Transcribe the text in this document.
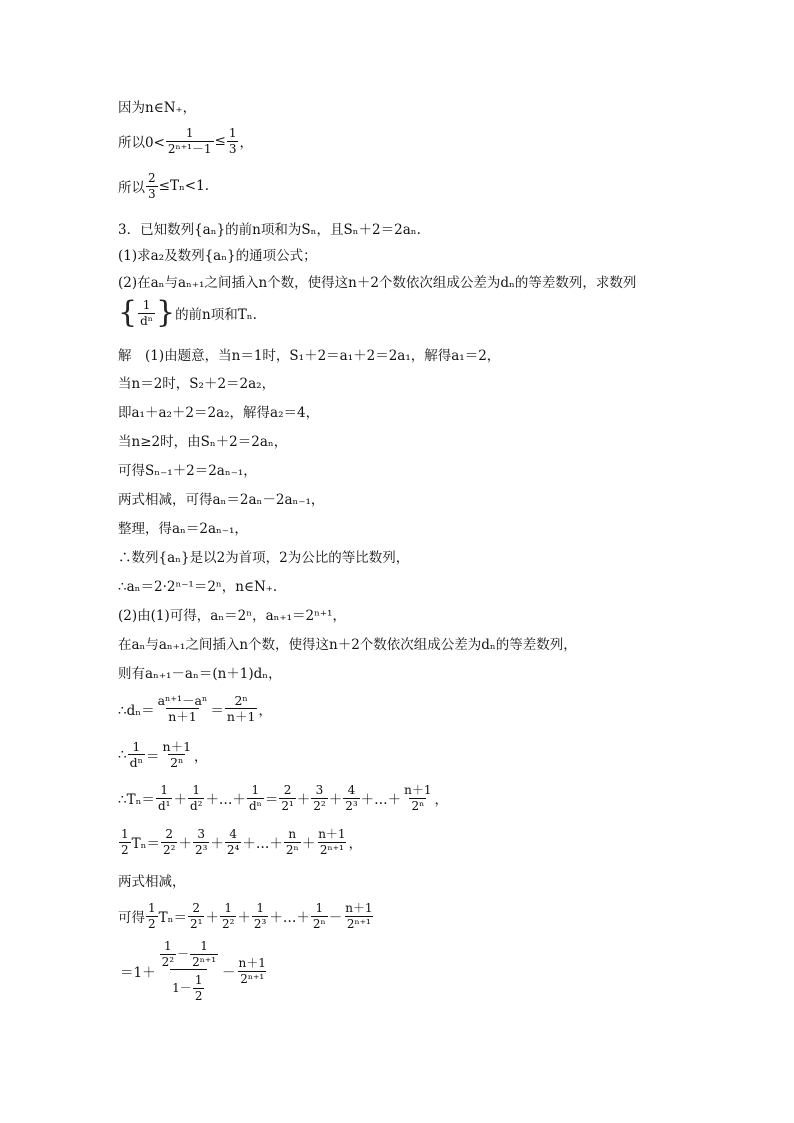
因为n∈N₊，
所以$0< \frac{1}{\text{2ⁿ⁺¹－1}} \le \frac{1}{3}$ ，
所以 $\frac{2}{3} \le T_n<1$.
3．已知数列{aₙ}的前n项和为Sₙ，且Sₙ＋2＝2aₙ.
(1)求a₂及数列{aₙ}的通项公式；
(2)在aₙ与aₙ₊₁之间插入n个数，使得这n＋2个数依次组成公差为dₙ的等差数列，求数列
{ $\frac{1}{\text{dⁿ}}$ } 的前n项和Tₙ.
解　(1)由题意，当n＝1时，S₁＋2＝a₁＋2＝2a₁，解得a₁＝2，
当n＝2时，S₂＋2＝2a₂，
即a₁＋a₂＋2＝2a₂，解得a₂＝4，
当n≥2时，由Sₙ＋2＝2aₙ，
可得Sₙ₋₁＋2＝2aₙ₋₁，
两式相减，可得aₙ＝2aₙ－2aₙ₋₁，
整理，得aₙ＝2aₙ₋₁，
∴数列{aₙ}是以2为首项，2为公比的等比数列，
∴aₙ＝2·2ⁿ⁻¹＝2ⁿ，n∈N₊.
(2)由(1)可得，aₙ＝2ⁿ，aₙ₊₁＝2ⁿ⁺¹，
在aₙ与aₙ₊₁之间插入n个数，使得这n＋2个数依次组成公差为dₙ的等差数列，
则有aₙ₊₁－aₙ＝(n＋1)dₙ，
∴dₙ＝ $\frac{\text{aⁿ⁺¹－aⁿ}}{n+1} = \frac{\text{2ⁿ}}{n+1}$ ，
∴ $\frac{1}{\text{dⁿ}} = \frac{n+1}{\text{2ⁿ}}$ ，
∴Tₙ＝ $\frac{1}{\text{d¹}} + \frac{1}{\text{d²}}$ ＋…＋ $\frac{1}{\text{dⁿ}} = \frac{2}{\text{2¹}} + \frac{3}{\text{2²}} + \frac{4}{\text{2³}}$ ＋…＋ $\frac{n+1}{\text{2ⁿ}}$ ，
$\frac{1}{2} T_n= \frac{2}{\text{2²}} + \frac{3}{\text{2³}} + \frac{4}{\text{2⁴}}$ ＋…＋ $\frac{n}{\text{2ⁿ}} + \frac{n+1}{\text{2ⁿ⁺¹}}$ ，
两式相减，
可得 $\frac{1}{2} T_n= \frac{2}{\text{2¹}} + \frac{1}{\text{2²}} + \frac{1}{\text{2³}}$ ＋…＋ $\frac{1}{\text{2ⁿ}} - \frac{n+1}{\text{2ⁿ⁺¹}}$
$=1+ \frac{\frac{1}{\text{2²}} - \frac{1}{\text{2ⁿ⁺¹}}}{1- \frac{1}{2}} - \frac{n+1}{\text{2ⁿ⁺¹}}$
